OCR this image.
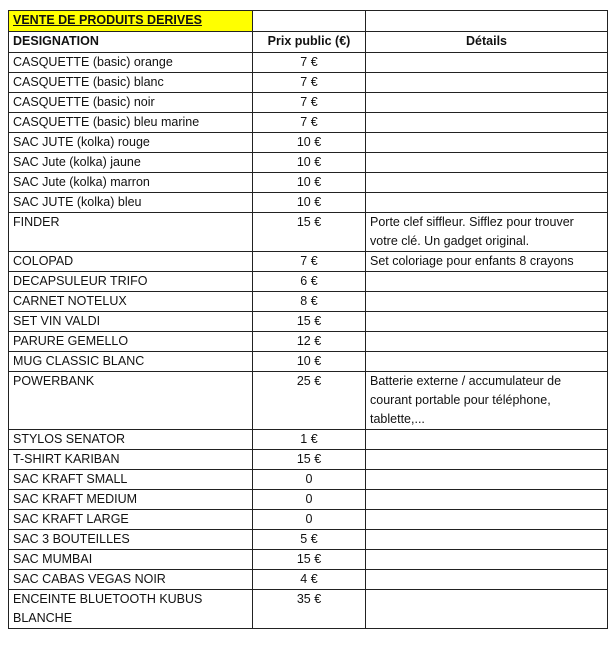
VENTE DE PRODUITS DERIVES		
DESIGNATION	Prix public (€)	Détails
CASQUETTE (basic) orange	7 €	
CASQUETTE (basic) blanc	7 €	
CASQUETTE (basic) noir	7 €	
CASQUETTE (basic) bleu marine	7 €	
SAC JUTE (kolka) rouge	10 €	
SAC Jute (kolka) jaune	10 €	
SAC Jute (kolka) marron	10 €	
SAC JUTE (kolka) bleu	10 €	
FINDER	15 €	Porte clef siffleur. Sifflez pour trouver votre clé. Un gadget original.
COLOPAD	7 €	Set coloriage pour enfants 8 crayons
DECAPSULEUR TRIFO	6 €	
CARNET NOTELUX	8 €	
SET VIN VALDI	15 €	
PARURE GEMELLO	12 €	
MUG CLASSIC BLANC	10 €	
POWERBANK	25 €	Batterie externe / accumulateur de courant portable pour téléphone, tablette,...
STYLOS SENATOR	1 €	
T-SHIRT KARIBAN	15 €	
SAC KRAFT SMALL	0	
SAC KRAFT MEDIUM	0	
SAC KRAFT LARGE	0	
SAC 3 BOUTEILLES	5 €	
SAC MUMBAI	15 €	
SAC CABAS VEGAS NOIR	4 €	
ENCEINTE BLUETOOTH KUBUS BLANCHE	35 €	
